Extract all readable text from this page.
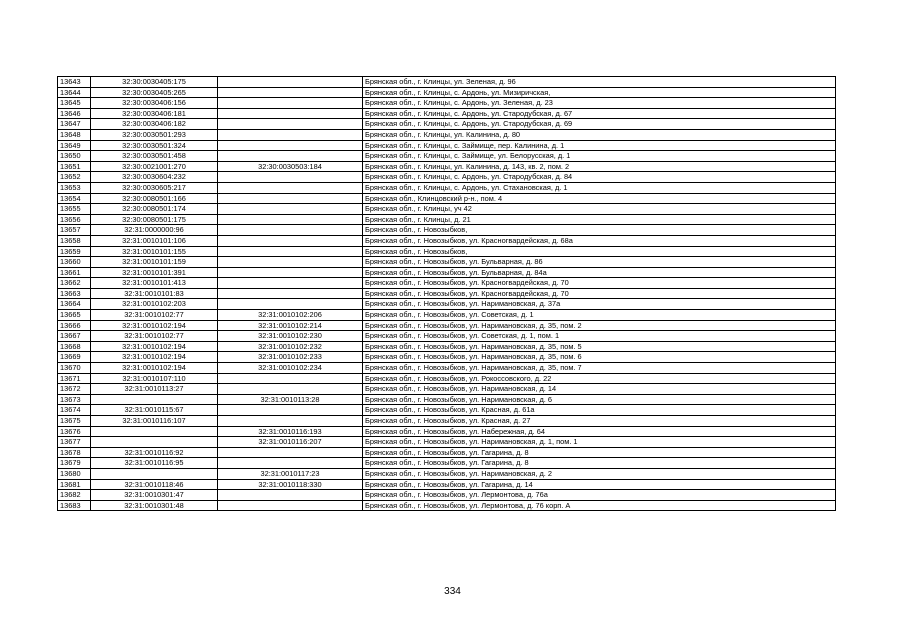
13643	32:30:0030405:175		Брянская обл., г. Клинцы, ул. Зеленая, д. 96
13644	32:30:0030405:265		Брянская обл., г. Клинцы, с. Ардонь, ул. Мизиричская,
13645	32:30:0030406:156		Брянская обл., г. Клинцы, с. Ардонь, ул. Зеленая, д. 23
13646	32:30:0030406:181		Брянская обл., г. Клинцы, с. Ардонь, ул. Стародубская, д. 67
13647	32:30:0030406:182		Брянская обл., г. Клинцы, с. Ардонь, ул. Стародубская, д. 69
13648	32:30:0030501:293		Брянская обл., г. Клинцы, ул. Калинина, д. 80
13649	32:30:0030501:324		Брянская обл., г. Клинцы, с. Займище, пер. Калинина, д. 1
13650	32:30:0030501:458		Брянская обл., г. Клинцы, с. Займище, ул. Белорусская, д. 1
13651	32:30:0021001:270	32:30:0030503:184	Брянская обл., г. Клинцы, ул. Калинина, д. 143, кв. 2, пом. 2
13652	32:30:0030604:232		Брянская обл., г. Клинцы, с. Ардонь, ул. Стародубская, д. 84
13653	32:30:0030605:217		Брянская обл., г. Клинцы, с. Ардонь, ул. Стахановская, д. 1
13654	32:30:0080501:166		Брянская обл., Клинцовский р-н., пом. 4
13655	32:30:0080501:174		Брянская обл., г. Клинцы, уч 42
13656	32:30:0080501:175		Брянская обл., г. Клинцы, д. 21
13657	32:31:0000000:96		Брянская обл., г. Новозыбков,
13658	32:31:0010101:106		Брянская обл., г. Новозыбков, ул. Красногвардейская, д. 68а
13659	32:31:0010101:155		Брянская обл., г. Новозыбков,
13660	32:31:0010101:159		Брянская обл., г. Новозыбков, ул. Бульварная, д. 86
13661	32:31:0010101:391		Брянская обл., г. Новозыбков, ул. Бульварная, д. 84а
13662	32:31:0010101:413		Брянская обл., г. Новозыбков, ул. Красногвардейская, д. 70
13663	32:31:0010101:83		Брянская обл., г. Новозыбков, ул. Красногвардейская, д. 70
13664	32:31:0010102:203		Брянская обл., г. Новозыбков, ул. Наримановская, д. 37а
13665	32:31:0010102:77	32:31:0010102:206	Брянская обл., г. Новозыбков, ул. Советская, д. 1
13666	32:31:0010102:194	32:31:0010102:214	Брянская обл., г. Новозыбков, ул. Наримановская, д. 35, пом. 2
13667	32:31:0010102:77	32:31:0010102:230	Брянская обл., г. Новозыбков, ул. Советская, д. 1, пом. 1
13668	32:31:0010102:194	32:31:0010102:232	Брянская обл., г. Новозыбков, ул. Наримановская, д. 35, пом. 5
13669	32:31:0010102:194	32:31:0010102:233	Брянская обл., г. Новозыбков, ул. Наримановская, д. 35, пом. 6
13670	32:31:0010102:194	32:31:0010102:234	Брянская обл., г. Новозыбков, ул. Наримановская, д. 35, пом. 7
13671	32:31:0010107:110		Брянская обл., г. Новозыбков, ул. Рокоссовского, д. 22
13672	32:31:0010113:27		Брянская обл., г. Новозыбков, ул. Наримановская, д. 14
13673		32:31:0010113:28	Брянская обл., г. Новозыбков, ул. Наримановская, д. 6
13674	32:31:0010115:67		Брянская обл., г. Новозыбков, ул. Красная, д. 61а
13675	32:31:0010116:107		Брянская обл., г. Новозыбков, ул. Красная, д. 27
13676		32:31:0010116:193	Брянская обл., г. Новозыбков, ул. Набережная, д. 64
13677		32:31:0010116:207	Брянская обл., г. Новозыбков, ул. Наримановская, д. 1, пом. 1
13678	32:31:0010116:92		Брянская обл., г. Новозыбков, ул. Гагарина, д. 8
13679	32:31:0010116:95		Брянская обл., г. Новозыбков, ул. Гагарина, д. 8
13680		32:31:0010117:23	Брянская обл., г. Новозыбков, ул. Наримановская, д. 2
13681	32:31:0010118:46	32:31:0010118:330	Брянская обл., г. Новозыбков, ул. Гагарина, д. 14
13682	32:31:0010301:47		Брянская обл., г. Новозыбков, ул. Лермонтова, д. 76а
13683	32:31:0010301:48		Брянская обл., г. Новозыбков, ул. Лермонтова, д. 76 корп. А
334
